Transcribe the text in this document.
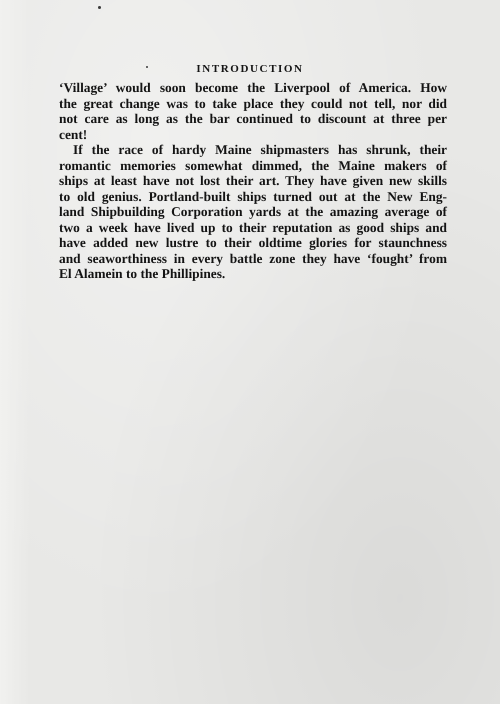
INTRODUCTION
‘Village’ would soon become the Liverpool of America. How
the great change was to take place they could not tell, nor did
not care as long as the bar continued to discount at three per
cent!
If the race of hardy Maine shipmasters has shrunk, their
romantic memories somewhat dimmed, the Maine makers of
ships at least have not lost their art. They have given new skills
to old genius. Portland-built ships turned out at the New Eng-
land Shipbuilding Corporation yards at the amazing average of
two a week have lived up to their reputation as good ships and
have added new lustre to their oldtime glories for staunchness
and seaworthiness in every battle zone they have ‘fought’ from
El Alamein to the Phillipines.
